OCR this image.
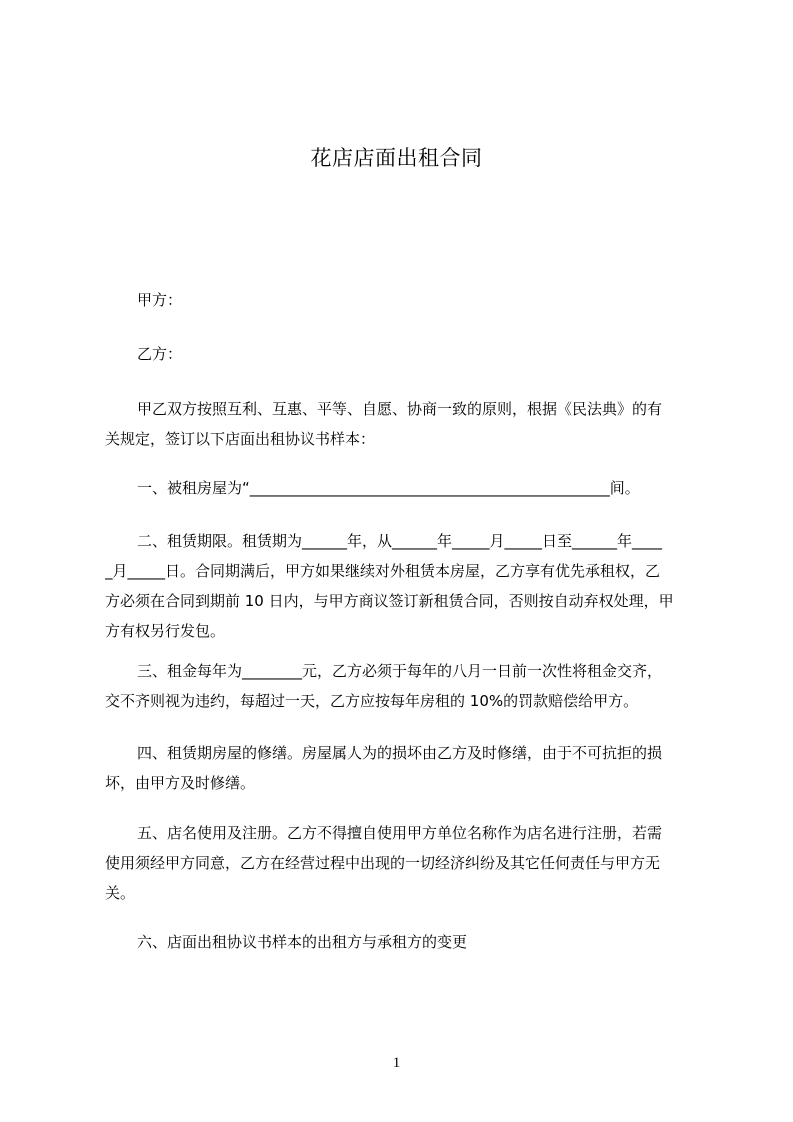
花店店面出租合同
甲方：
乙方：

甲乙双方按照互利、互惠、平等、自愿、协商一致的原则，根据《民法典》的有

关规定，签订以下店面出租协议书样本：

一、被租房屋为“________________________________________________间。

二、租赁期限。租赁期为______年，从______年_____月_____日至______年____

_月_____日。合同期满后，甲方如果继续对外租赁本房屋，乙方享有优先承租权，乙

方必须在合同到期前 10 日内，与甲方商议签订新租赁合同，否则按自动弃权处理，甲

方有权另行发包。

三、租金每年为________元，乙方必须于每年的八月一日前一次性将租金交齐，

交不齐则视为违约，每超过一天，乙方应按每年房租的 10%的罚款赔偿给甲方。

四、租赁期房屋的修缮。房屋属人为的损坏由乙方及时修缮，由于不可抗拒的损

坏，由甲方及时修缮。

五、店名使用及注册。乙方不得擅自使用甲方单位名称作为店名进行注册，若需

使用须经甲方同意，乙方在经营过程中出现的一切经济纠纷及其它任何责任与甲方无

关。

六、店面出租协议书样本的出租方与承租方的变更
1
